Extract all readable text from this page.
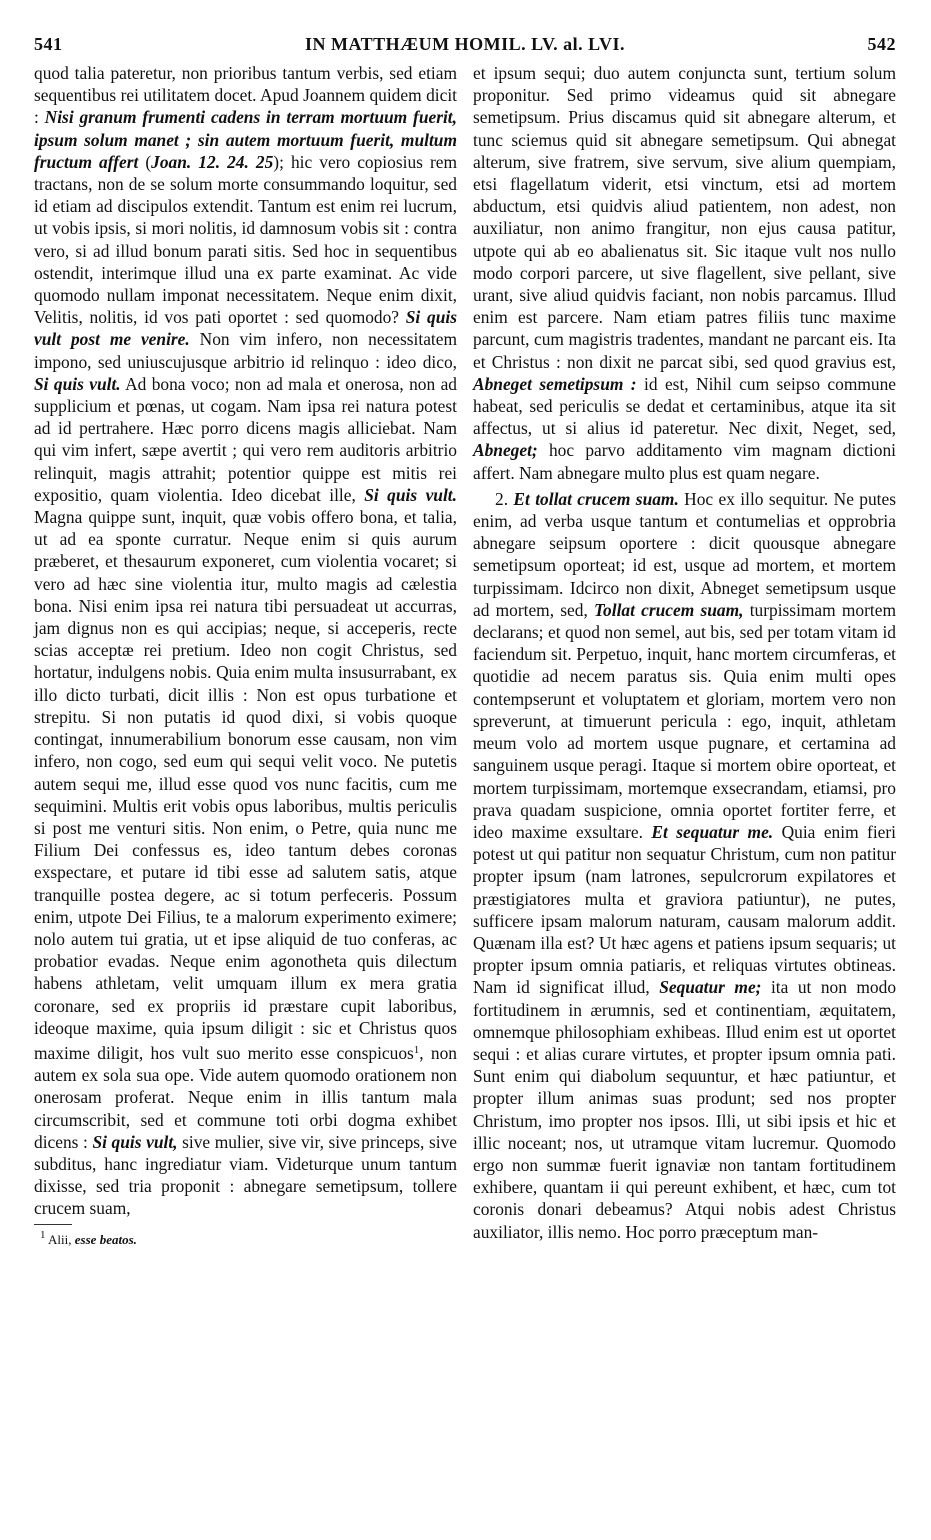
541	IN MATTHÆUM HOMIL. LV. al. LVI.	542

quod talia pateretur, non prioribus tantum verbis, sed etiam sequentibus rei utilitatem docet. Apud Joannem quidem dicit : Nisi granum frumenti cadens in terram mortuum fuerit, ipsum solum manet ; sin autem mortuum fuerit, multum fructum affert (Joan. 12. 24. 25); hic vero copiosius rem tractans, non de se solum morte consummando loquitur, sed id etiam ad discipulos extendit. Tantum est enim rei lucrum, ut vobis ipsis, si mori nolitis, id damnosum vobis sit : contra vero, si ad illud bonum parati sitis. Sed hoc in sequentibus ostendit, interimque illud una ex parte examinat. Ac vide quomodo nullam imponat necessitatem. Neque enim dixit, Velitis, nolitis, id vos pati oportet : sed quomodo? Si quis vult post me venire. Non vim infero, non necessitatem impono, sed uniuscujusque arbitrio id relinquo : ideo dico, Si quis vult. Ad bona voco; non ad mala et onerosa, non ad supplicium et pœnas, ut cogam. Nam ipsa rei natura potest ad id pertrahere. Hæc porro dicens magis alliciebat. Nam qui vim infert, sæpe avertit ; qui vero rem auditoris arbitrio relinquit, magis attrahit; potentior quippe est mitis rei expositio, quam violentia. Ideo dicebat ille, Si quis vult. Magna quippe sunt, inquit, quæ vobis offero bona, et talia, ut ad ea sponte curratur. Neque enim si quis aurum præberet, et thesaurum exponeret, cum violentia vocaret; si vero ad hæc sine violentia itur, multo magis ad cælestia bona. Nisi enim ipsa rei natura tibi persuadeat ut accurras, jam dignus non es qui accipias; neque, si acceperis, recte scias acceptæ rei pretium. Ideo non cogit Christus, sed hortatur, indulgens nobis. Quia enim multa insusurrabant, ex illo dicto turbati, dicit illis : Non est opus turbatione et strepitu. Si non putatis id quod dixi, si vobis quoque contingat, innumerabilium bonorum esse causam, non vim infero, non cogo, sed eum qui sequi velit voco. Ne putetis autem sequi me, illud esse quod vos nunc facitis, cum me sequimini. Multis erit vobis opus laboribus, multis periculis si post me venturi sitis. Non enim, o Petre, quia nunc me Filium Dei confessus es, ideo tantum debes coronas exspectare, et putare id tibi esse ad salutem satis, atque tranquille postea degere, ac si totum perfeceris. Possum enim, utpote Dei Filius, te a malorum experimento eximere; nolo autem tui gratia, ut et ipse aliquid de tuo conferas, ac probatior evadas. Neque enim agonotheta quis dilectum habens athletam, velit umquam illum ex mera gratia coronare, sed ex propriis id præstare cupit laboribus, ideoque maxime, quia ipsum diligit : sic et Christus quos maxime diligit, hos vult suo merito esse conspicuos$^1$, non autem ex sola sua ope. Vide autem quomodo orationem non onerosam proferat. Neque enim in illis tantum mala circumscribit, sed et commune toti orbi dogma exhibet dicens : Si quis vult, sive mulier, sive vir, sive princeps, sive subditus, hanc ingrediatur viam. Videturque unum tantum dixisse, sed tria proponit : abnegare semetipsum, tollere crucem suam,

$^1$ Alii, esse beatos.

et ipsum sequi; duo autem conjuncta sunt, tertium solum proponitur. Sed primo videamus quid sit abnegare semetipsum. Prius discamus quid sit abnegare alterum, et tunc sciemus quid sit abnegare semetipsum. Qui abnegat alterum, sive fratrem, sive servum, sive alium quempiam, etsi flagellatum viderit, etsi vinctum, etsi ad mortem abductum, etsi quidvis aliud patientem, non adest, non auxiliatur, non animo frangitur, non ejus causa patitur, utpote qui ab eo abalienatus sit. Sic itaque vult nos nullo modo corpori parcere, ut sive flagellent, sive pellant, sive urant, sive aliud quidvis faciant, non nobis parcamus. Illud enim est parcere. Nam etiam patres filiis tunc maxime parcunt, cum magistris tradentes, mandant ne parcant eis. Ita et Christus : non dixit ne parcat sibi, sed quod gravius est, Abneget semetipsum : id est, Nihil cum seipso commune habeat, sed periculis se dedat et certaminibus, atque ita sit affectus, ut si alius id pateretur. Nec dixit, Neget, sed, Abneget; hoc parvo additamento vim magnam dictioni affert. Nam abnegare multo plus est quam negare.

2. Et tollat crucem suam. Hoc ex illo sequitur. Ne putes enim, ad verba usque tantum et contumelias et opprobria abnegare seipsum oportere : dicit quousque abnegare semetipsum oporteat; id est, usque ad mortem, et mortem turpissimam. Idcirco non dixit, Abneget semetipsum usque ad mortem, sed, Tollat crucem suam, turpissimam mortem declarans; et quod non semel, aut bis, sed per totam vitam id faciendum sit. Perpetuo, inquit, hanc mortem circumferas, et quotidie ad necem paratus sis. Quia enim multi opes contempserunt et voluptatem et gloriam, mortem vero non spreverunt, at timuerunt pericula : ego, inquit, athletam meum volo ad mortem usque pugnare, et certamina ad sanguinem usque peragi. Itaque si mortem obire oporteat, et mortem turpissimam, mortemque exsecrandam, etiamsi, pro prava quadam suspicione, omnia oportet fortiter ferre, et ideo maxime exsultare. Et sequatur me. Quia enim fieri potest ut qui patitur non sequatur Christum, cum non patitur propter ipsum (nam latrones, sepulcrorum expilatores et præstigiatores multa et graviora patiuntur), ne putes, sufficere ipsam malorum naturam, causam malorum addit. Quænam illa est? Ut hæc agens et patiens ipsum sequaris; ut propter ipsum omnia patiaris, et reliquas virtutes obtineas. Nam id significat illud, Sequatur me; ita ut non modo fortitudinem in ærumnis, sed et continentiam, æquitatem, omnemque philosophiam exhibeas. Illud enim est ut oportet sequi : et alias curare virtutes, et propter ipsum omnia pati. Sunt enim qui diabolum sequuntur, et hæc patiuntur, et propter illum animas suas produnt; sed nos propter Christum, imo propter nos ipsos. Illi, ut sibi ipsis et hic et illic noceant; nos, ut utramque vitam lucremur. Quomodo ergo non summæ fuerit ignaviæ non tantam fortitudinem exhibere, quantam ii qui pereunt exhibent, et hæc, cum tot coronis donari debeamus? Atqui nobis adest Christus auxiliator, illis nemo. Hoc porro præceptum man-
